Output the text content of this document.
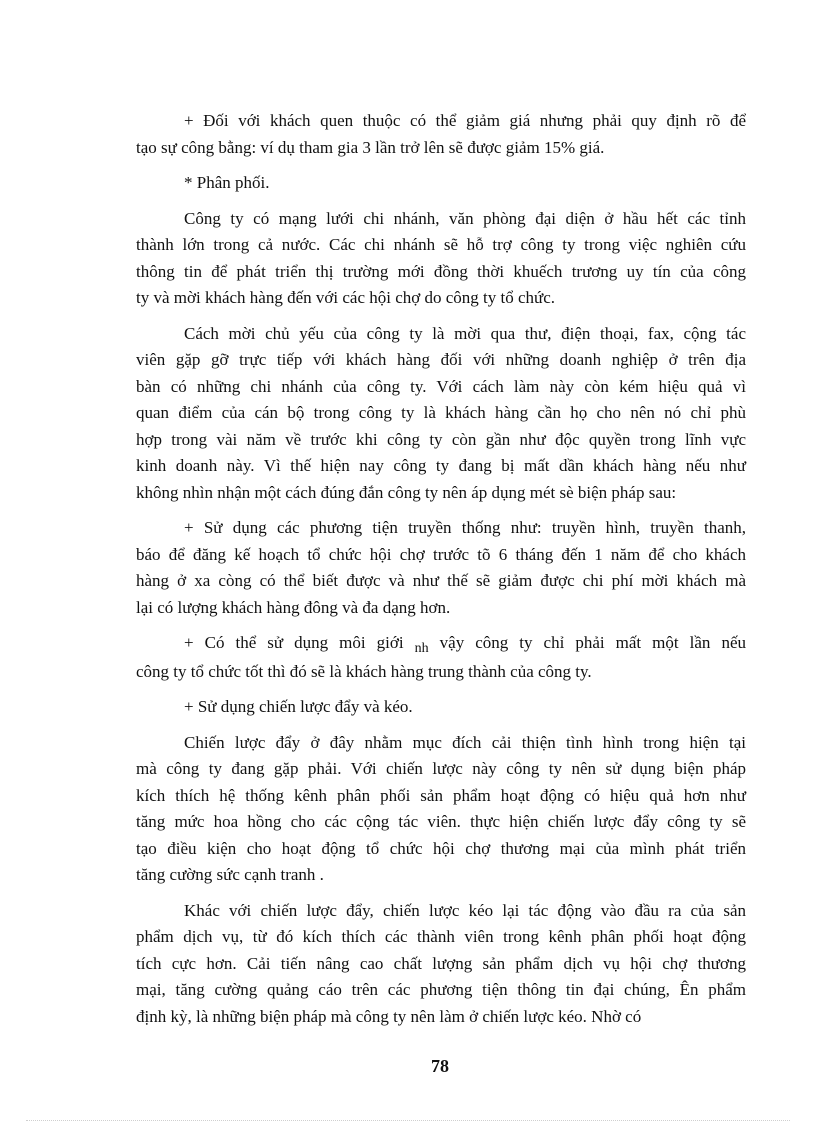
+ Đối với khách quen thuộc có thể giảm giá nhưng phải quy định rõ để
tạo sự công bằng: ví dụ tham gia 3 lần trở lên sẽ được giảm 15% giá.

* Phân phối.

Công ty có mạng lưới chi nhánh, văn phòng đại diện ở hầu hết các tỉnh
thành lớn trong cả nước. Các chi nhánh sẽ hỗ trợ công ty trong việc nghiên cứu
thông tin để phát triển thị trường mới đồng thời khuếch trương uy tín của công
ty và mời khách hàng đến với các hội chợ do công ty tổ chức.

Cách mời chủ yếu của công ty là mời qua thư, điện thoại, fax, cộng tác
viên gặp gỡ trực tiếp với khách hàng đối với những doanh nghiệp ở trên địa
bàn có những chi nhánh của công ty. Với cách làm này còn kém hiệu quả vì
quan điểm của cán bộ trong công ty là khách hàng cần họ cho nên nó chỉ phù
hợp trong vài năm về trước khi công ty còn gần như độc quyền trong lĩnh vực
kinh doanh này. Vì thế hiện nay công ty đang bị mất dần khách hàng nếu như
không nhìn nhận một cách đúng đắn công ty nên áp dụng mét sè biện pháp sau:

+ Sử dụng các phương tiện truyền thống như: truyền hình, truyền thanh,
báo để đăng kế hoạch tổ chức hội chợ trước tõ 6 tháng đến 1 năm để cho khách
hàng ở xa còng có thể biết được và như thế sẽ giảm được chi phí mời khách mà
lại có lượng khách hàng đông và đa dạng hơn.

+ Có thể sử dụng môi giới $_{nh}$ vậy công ty chỉ phải mất một lần nếu
công ty tổ chức tốt thì đó sẽ là khách hàng trung thành của công ty.

+ Sử dụng chiến lược đẩy và kéo.

Chiến lược đẩy ở đây nhằm mục đích cải thiện tình hình trong hiện tại
mà công ty đang gặp phải. Với chiến lược này công ty nên sử dụng biện pháp
kích thích hệ thống kênh phân phối sản phẩm hoạt động có hiệu quả hơn như
tăng mức hoa hồng cho các cộng tác viên. thực hiện chiến lược đẩy công ty sẽ
tạo điều kiện cho hoạt động tổ chức hội chợ thương mại của mình phát triển
tăng cường sức cạnh tranh .

Khác với chiến lược đẩy, chiến lược kéo lại tác động vào đầu ra của sản
phẩm dịch vụ, từ đó kích thích các thành viên trong kênh phân phối hoạt động
tích cực hơn. Cải tiến nâng cao chất lượng sản phẩm dịch vụ hội chợ thương
mại, tăng cường quảng cáo trên các phương tiện thông tin đại chúng, Ên phẩm
định kỳ, là những biện pháp mà công ty nên làm ở chiến lược kéo. Nhờ có

78
